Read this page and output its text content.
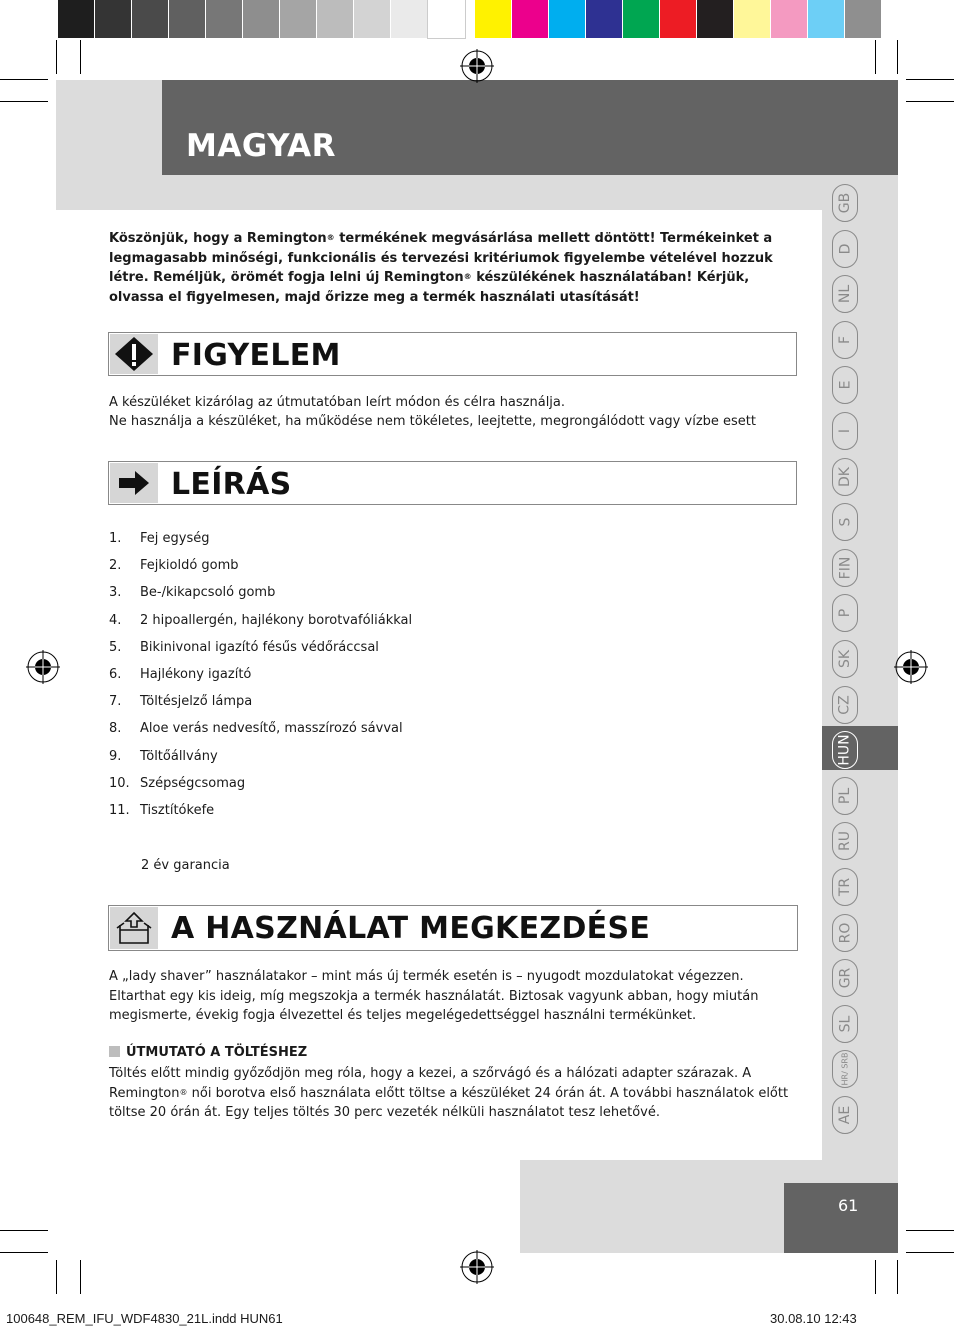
MAGYAR
Köszönjük, hogy a Remington® termékének megvásárlása mellett döntött! Termékeinket a legmagasabb minőségi, funkcionális és tervezési kritériumok figyelembe vételével hozzuk létre. Reméljük, örömét fogja lelni új Remington® készülékének használatában! Kérjük, olvassa el figyelmesen, majd őrizze meg a termék használati utasítását!
FIGYELEM
A készüléket kizárólag az útmutatóban leírt módon és célra használja.
Ne használja a készüléket, ha működése nem tökéletes, leejtette, megrongálódott vagy vízbe esett
LEÍRÁS
1.	Fej egység
2.	Fejkioldó gomb
3.	Be-/kikapcsoló gomb
4.	2 hipoallergén, hajlékony borotvafóliákkal
5.	Bikinivonal igazító fésűs védőráccsal
6.	Hajlékony igazító
7.	Töltésjelző lámpa
8.	Aloe verás nedvesítő, masszírozó sávval
9.	Töltőállvány
10. Szépségcsomag
11. Tisztítókefe
2 év garancia
A HASZNÁLAT MEGKEZDÉSE
A „lady shaver” használatakor – mint más új termék esetén is – nyugodt mozdulatokat végezzen. Eltarthat egy kis ideig, míg megszokja a termék használatát. Biztosak vagyunk abban, hogy miután megismerte, évekig fogja élvezettel és teljes megelégedettséggel használni termékünket.
ÚTMUTATÓ A TÖLTÉSHEZ
Töltés előtt mindig győződjön meg róla, hogy a kezei, a szőrvágó és a hálózati adapter szárazak. A Remington® női borotva első használata előtt töltse a készüléket 24 órán át. A további használatok előtt töltse 20 órán át. Egy teljes töltés 30 perc vezeték nélküli használatot tesz lehetővé.
GB
D
NL
F
E
I
DK
S
FIN
P
SK
CZ
HUN
PL
RU
TR
RO
GR
SL
HR/ SRB
AE
61
100648_REM_IFU_WDF4830_21L.indd HUN61	30.08.10 12:43
